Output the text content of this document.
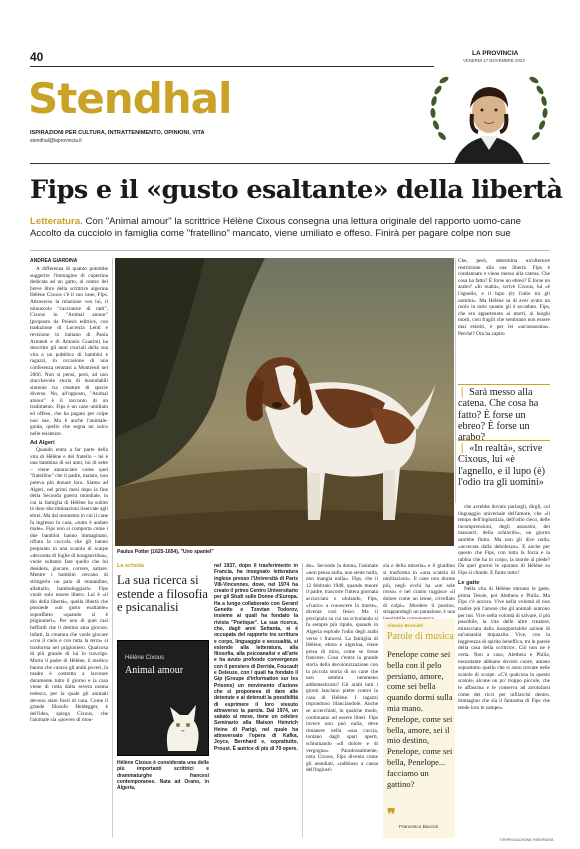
40	LA PROVINCIA
VENERDÌ 17 NOVEMBRE 2023
Stendhal
ISPIRAZIONI PER CULTURA, INTRATTENIMENTO, OPINIONI, VITA
stendhal@laprovincia.it
Fips e il «gusto esaltante» della libertà
Letteratura. Con "Animal amour" la scrittrice Hélène Cixous consegna una lettura originale del rapporto uomo-cane Accolto da cucciolo in famiglia come "fratellino" mancato, viene umiliato e offeso. Finirà per pagare colpe non sue
ANDREA GIARDINA

A differenza di quanto potrebbe suggerire l'immagine di copertina dedicata ad un gatto, al centro del breve libro della scrittrice algerina Hélène Cixous c'è il suo cane, Fips. Attraverso la relazione con lui, il minuscolo "cacciatore di ratti", Cixous in "Animal amour" (proposto da Poiesis editrice, con traduzione di Lucrezia Lenti e revisione in italiano di Paola Armenti e di Antonio Guarini) ha descritto gli anni cruciali della sua vita a un pubblico di bambini e ragazzi, in occasione di una conferenza tenutasi a Montreuil nel 2006. Non si pensi, però, ad uno stucchevole storia di insondabili sintonie tra creature di specie diverse. No, all'opposto, "Animal amour" è il racconto di un tradimento. Fips è un cane umiliato ed offeso, che ha pagato per colpe non sue. Ma è anche l'animale-guida, quello che segna un solco nelle esistenze.

Ad Algeri

Quando entra a far parte della vita di Hélène e del fratello – lei è una bambina di sei anni, lui di sette – viene annunciato come quel "fratellino" che il padre, malato, non poteva più donare loro. Siamo ad Algeri, nei primi mesi dopo la fine della Seconda guerra mondiale, in cui la famiglia di Hélène ha subito le dure discriminazioni riservate agli ebrei. Ma dal momento in cui il cane fa ingresso in casa, «tutto è andato male». Fips non si comporta come i due bambini hanno immaginato, rifiuta la coccola che gli hanno preparato in una scatola di scarpe «decorata di foglie di bouganvillea», vuole soltanto fare quello che lui desidera, giocare, correre, saltare. Mentre i bambini cercano di stringerlo un paio di mutandine, allattarlo, bamboleggiarlo. Fips vuole solo essere libero. Lui è «il dio della libertà», quella libertà che possiede «un gusto esaltante» sopraffatto «quando si è prigionieri». Per uno di quei casi beffardi che il destino ama giocare, infatti, la creatura che vuole giocare «con il cielo e con tutta la terra» si trasforma nel prigioniero. Qualcosa di più grande di lui lo travolge. Morto il padre di Hélène, il medico buono che curava gli arabi poveri, la madre è costretta a lavorare duramente tutto il giorno e la casa viene di rotta dalla severa nonna tedesca, per la quale gli animali devono stare fuori di casa. Come il grande filosofo Heidegger, è dell'idea, spiega Cixous, che l'animale sia «povero di mon-

Paulus Potter (1625-1654), "Uno spaniel"
La scheda
La sua ricerca si estende a filosofia e psicanalisi
Hélène Cixous
Animal amour
Hélène Cixous è considerata una delle più importanti scrittrici e drammaturghe francesi contemporanee. Nata ad Orano, in Algeria,
nel 1937, dopo il trasferimento in Francia, ha insegnato letteratura inglese presso l'Università di Paris VIII-Vincennes, dove, nel 1974 ha creato il primo Centro Universitario per gli Studi sulle Donne d'Europa. Ha a lungo collaborato con Gerard Genette e Tzevtan Todorov, insieme ai quali ha fondato la rivista "Poetique". La sua ricerca, che, dagli anni Settanta, si è occupata del rapporto tra scrittura e corpo, linguaggio e sessualità, si estende alla letteratura, alla filosofia, alla psicoanalisi e all'arte e ha avuto profonde convergenze con il pensiero di Derrida, Foucault e Deleuze, con i quali ha fondato il Gip (Groupe d'information sur les Prisons) un movimento d'azione che si proponeva di dare alle detenute e ai detenuti la possibilità di esprimere il loro vissuto attraverso la parola. Dal 1974, un sabato al mese, tiene un celebre Seminario alla Maison Heinrich Heine di Parigi, nel quale ha attraversato l'opera di Kafka, Joyce, Bernhard e, soprattutto, Proust. È autrice di più di 70 opere.
do». Secondo la donna, l'animale «non pensa nulla, non sente nulla, non mangia nulla». Fips, che il 12 febbraio 1948, quando muore il padre, trascorre l'intera giornata accucciato e ululando, Fips, «l'unico a conoscere la morte», diventa così fesso. Ma il precipizio su cui sta scivolando si fa sempre più ripido, quando in Algeria esplode l'odio degli arabi verso i francesi. La famiglia di Hélène, ebrea e algerina, viene presa di mira, come se fosse francese. Cosa c'entra la grande storia della decolonizzazione con la piccola storia di un cane che non sembra nemmeno addomesticato? Gli arabi tutti i giorni lanciano pietre contro la casa di Hélène. I ragazzi rispondono rilanciandole. Anche se accerchiati, in qualche modo, continuano ad essere liberi. Fips invece non può nulla, deve rimanere nella «sua cuccia, lontano dagli spari aperti, schiumando «di dolore e di vergogna». Paradossalmente, nota Cixous, Fips diventa come gli assediati, «rabbioso a causa dell'ingiusti-
zia e della miseria» e il giardino si trasforma in «una scatola di umiliazioni». Il cane non dorme più, negli occhi ha «un sole rosso» e nel cranio ruggisce «il dolore come un leone, crivellato di colpi». Mordere il postino, strappandogli un pantalone, è una
Alessio Brunialti
Parole di musica
Penelope come sei bella con il pelo persiano, amore, come sei bella quando dormi sulla mia mano. Penelope, come sei bella, amore, sei il mio destino, Penelope, come sei bella, Penelope... facciamo un gattino?
❞
Francesco Baccini
Che, però, determina un'ulteriore restrizione alla sua libertà. Fips è condannato e viene messo alla catena. Che cosa ha fatto? È forse un ebreo? È forse un arabo? «In realtà», scrive Cixous, lui «è l'agnello, e il lupo (è) l'odio tra gli uomini». Ma Hélène sa di aver avuto un ruolo in tutto quanto gli è accaduto. Fips, che era appartenuto ai morti, ai luoghi morti, così fragili che sembrano non essere mai esistiti, è per lei «un'assassina». Perché? Ora ha capito
❘ Sarà messo alla catena. Che cosa ha fatto? È forse un ebreo? È forse un arabo?
❘ «In realtà», scrive Cixous, lui «è l'agnello, e il lupo (è) l'odio tra gli uomini»

che avrebbe dovuto parlargli, dirgli, col linguaggio universale dell'amore, che «il tempo dell'ingiustizia, dell'odio cieco, delle incomprensioni, degli assassini, dei massacri, della schiavitù», un giorno sarebbe finito. Ma non gli dice nulla, «accecata dalla debolezza». E anche per questo che Fips, con tutta la forza e la rabbia che ha in corpo, la morde al piede? Da quel giorno le sparano di Hélène su Fips si chiude. E finito tutto?

Le gatte

Nella vita di Hélène entrano le gatte, prima Tessie, poi Aletheia e Philia. Ma Fips c'è ancora. Vive nella volontà di non tradire più l'amore che gli animali nutrono per noi. Vive nella volontà di salvare, il più possibile, la vita delle altre creature, minacciata dalla insopportabile azione di un'umanità impazzita. Vive, con la leggerezza di spirito beneffica, tra le parole della casa della scrittrice. Ciò non ne è certa. Non a caso, Aletheia e Philia, nonostante abbiano dovuto cuore, amano soprattutto quello che si sono trovate nelle scatole di scarpe. «C'è qualcosa in questo scatole, alcune un po' troppo piccole, che le affascina e le conserva ad arrotolarsi come dei ricci per infilarcisi dentro. Immagino che sia il fantasma di Fips che tende loro le zampe».

©RIPRODUZIONE RISERVATA
